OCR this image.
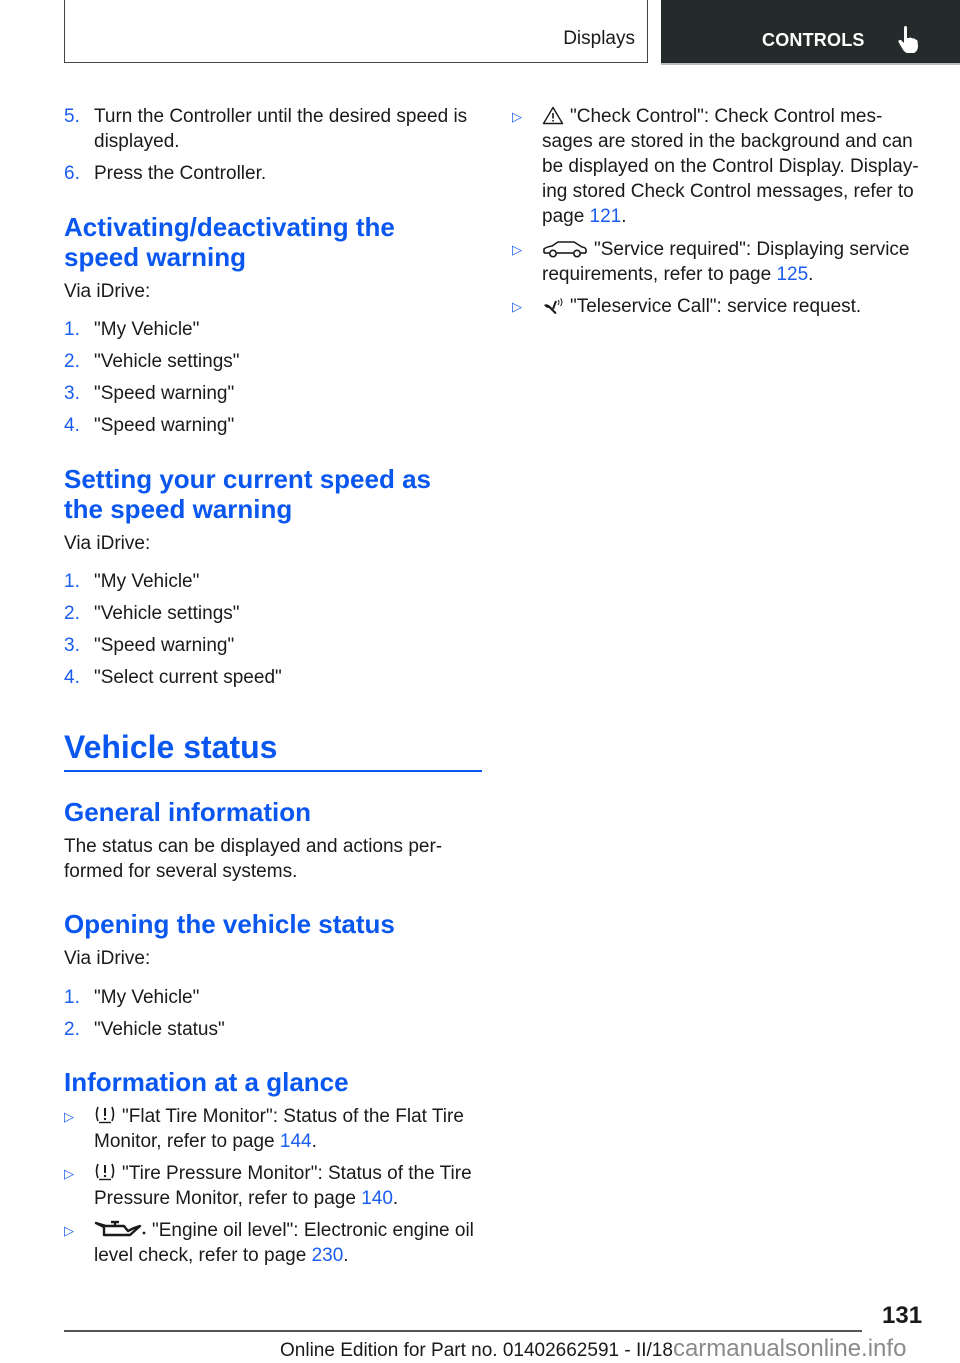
Displays	CONTROLS
5. Turn the Controller until the desired speed is displayed.
6. Press the Controller.
Activating/deactivating the speed warning
Via iDrive:
1. "My Vehicle"
2. "Vehicle settings"
3. "Speed warning"
4. "Speed warning"
Setting your current speed as the speed warning
Via iDrive:
1. "My Vehicle"
2. "Vehicle settings"
3. "Speed warning"
4. "Select current speed"
Vehicle status
General information
The status can be displayed and actions per-formed for several systems.
Opening the vehicle status
Via iDrive:
1. "My Vehicle"
2. "Vehicle status"
Information at a glance
▷	"Flat Tire Monitor": Status of the Flat Tire Monitor, refer to page 144.
▷	"Tire Pressure Monitor": Status of the Tire Pressure Monitor, refer to page 140.
▷	"Engine oil level": Electronic engine oil level check, refer to page 230.
▷	"Check Control": Check Control mes-sages are stored in the background and can be displayed on the Control Display. Display-ing stored Check Control messages, refer to page 121.
▷	"Service required": Displaying service requirements, refer to page 125.
▷	"Teleservice Call": service request.
131
Online Edition for Part no. 01402662591 - II/18carmanualsonline.info
